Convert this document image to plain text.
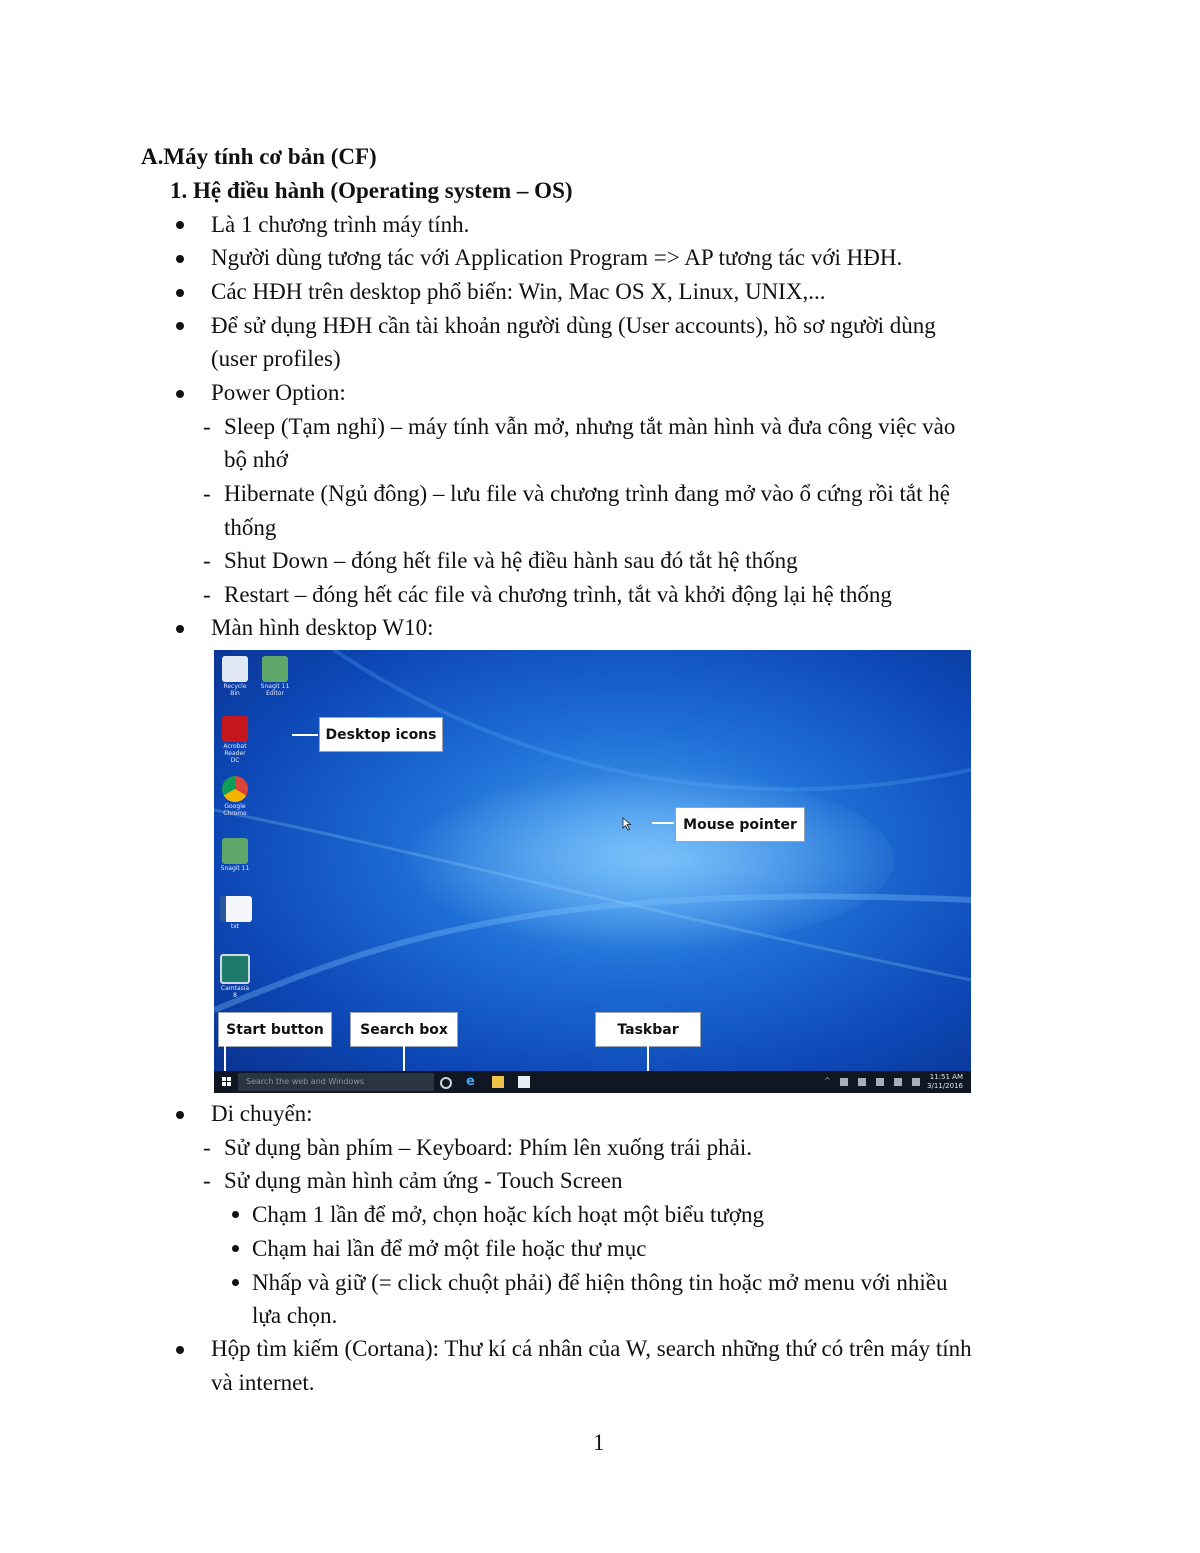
A.Máy tính cơ bản (CF)
1. Hệ điều hành (Operating system – OS)
Là 1 chương trình máy tính.
Người dùng tương tác với Application Program => AP tương tác với HĐH.
Các HĐH trên desktop phổ biến: Win, Mac OS X, Linux, UNIX,...
Để sử dụng HĐH cần tài khoản người dùng (User accounts), hồ sơ người dùng
(user profiles)
Power Option:
- Sleep (Tạm nghỉ) – máy tính vẫn mở, nhưng tắt màn hình và đưa công việc vào
bộ nhớ
- Hibernate (Ngủ đông) – lưu file và chương trình đang mở vào ổ cứng rồi tắt hệ
thống
- Shut Down – đóng hết file và hệ điều hành sau đó tắt hệ thống
- Restart – đóng hết các file và chương trình, tắt và khởi động lại hệ thống
Màn hình desktop W10:
Recycle Bin
Snagit 11 Editor
Acrobat Reader DC
Google Chrome
Snagit 11
txt
Camtasia 8
Desktop icons
Mouse pointer
Start button	Search box	Taskbar
Search the web and Windows	e	^	11:51 AM
3/11/2016
Di chuyển:
- Sử dụng bàn phím – Keyboard: Phím lên xuống trái phải.
- Sử dụng màn hình cảm ứng - Touch Screen
Chạm 1 lần để mở, chọn hoặc kích hoạt một biểu tượng
Chạm hai lần để mở một file hoặc thư mục
Nhấp và giữ (= click chuột phải) để hiện thông tin hoặc mở menu với nhiều
lựa chọn.
Hộp tìm kiếm (Cortana): Thư kí cá nhân của W, search những thứ có trên máy tính
và internet.
1
